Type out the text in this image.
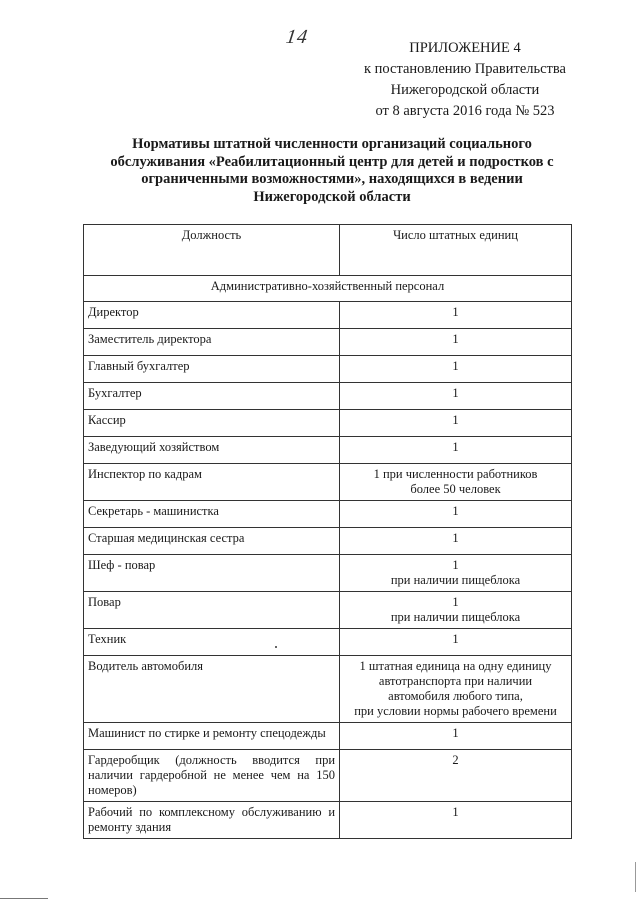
14	ПРИЛОЖЕНИЕ 4
к постановлению Правительства
Нижегородской области
от 8 августа 2016 года № 523
Нормативы штатной численности организаций социального обслуживания «Реабилитационный центр для детей и подростков с ограниченными возможностями», находящихся в ведении Нижегородской области
Должность	Число штатных единиц
Административно-хозяйственный персонал	
Директор	1
Заместитель директора	1
Главный бухгалтер	1
Бухгалтер	1
Кассир	1
Заведующий хозяйством	1
Инспектор по кадрам	1 при численности работников
более 50 человек

Секретарь - машинистка	1
Старшая медицинская сестра	1
Шеф - повар	1
при наличии пищеблока

Повар	1
при наличии пищеблока

Техник	1
Водитель автомобиля	1 штатная единица на одну единицу
автотранспорта при наличии
автомобиля любого типа,
при условии нормы рабочего времени

Машинист по стирке и ремонту спецодежды	1
Гардеробщик (должность вводится при наличии гардеробной не менее чем на 150 номеров)	2
Рабочий по комплексному обслуживанию и ремонту здания	1
